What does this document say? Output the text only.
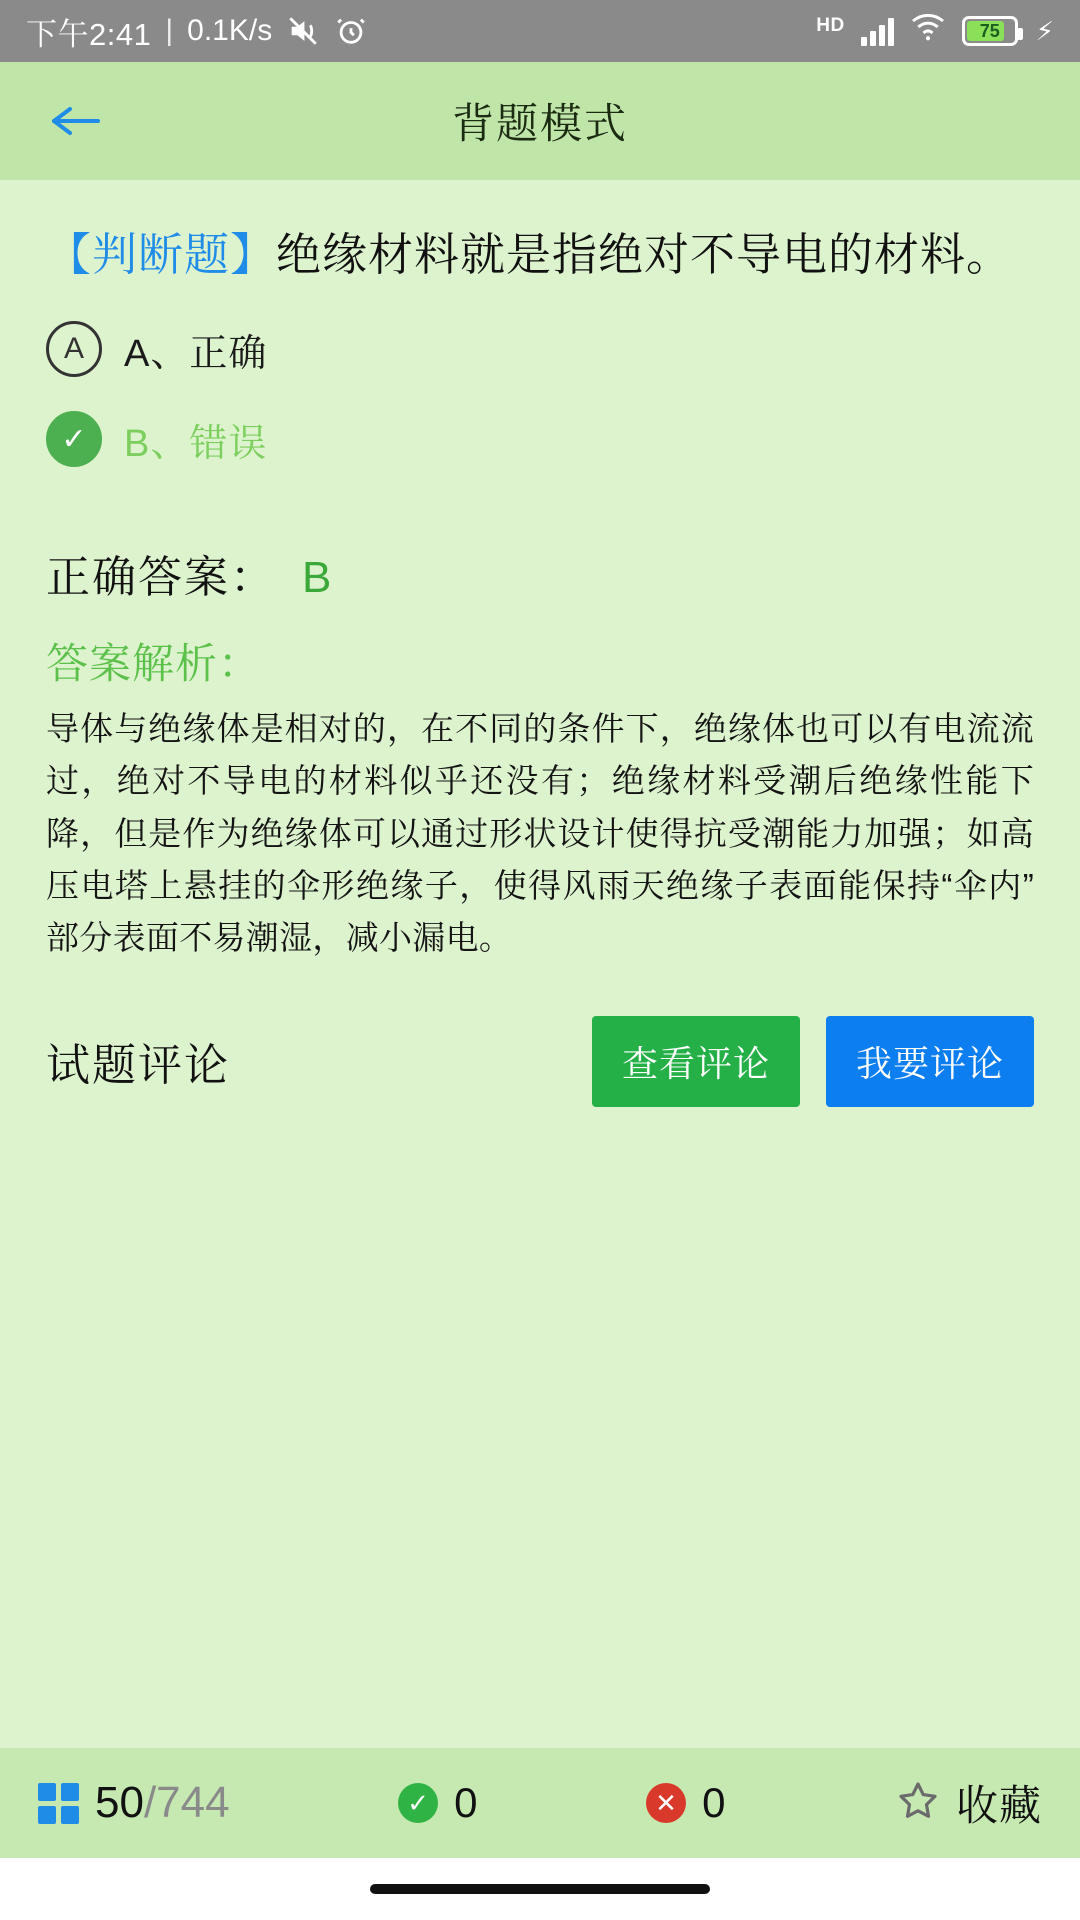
下午2:41 | 0.1K/s	HD	75 ⚡
背题模式
【判断题】绝缘材料就是指绝对不导电的材料。
A	A、正确
✓ B、错误
正确答案： B
答案解析：
导体与绝缘体是相对的，在不同的条件下，绝缘体也可以有电流流过，绝对不导电的材料似乎还没有；绝缘材料受潮后绝缘性能下降，但是作为绝缘体可以通过形状设计使得抗受潮能力加强；如高压电塔上悬挂的伞形绝缘子，使得风雨天绝缘子表面能保持“伞内”部分表面不易潮湿，减小漏电。
试题评论	查看评论	我要评论
50/744	✓ 0	✕ 0	收藏
